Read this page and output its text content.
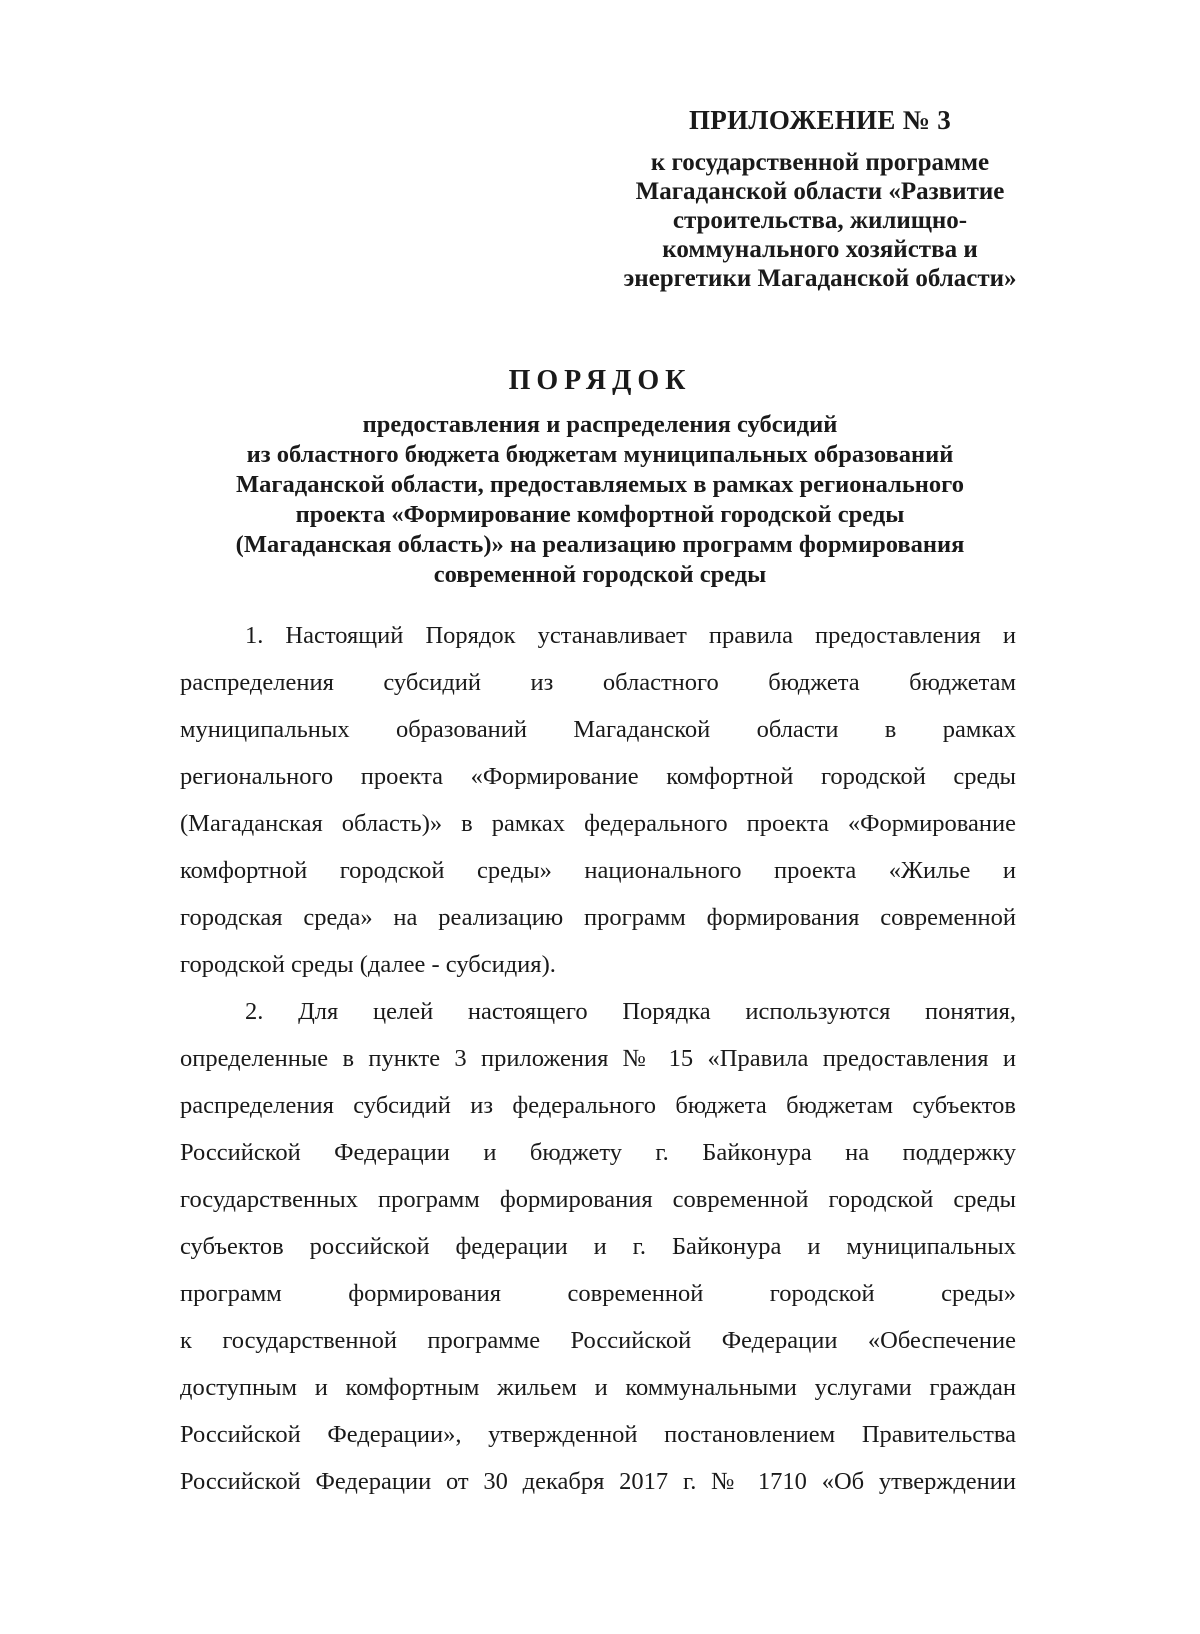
ПРИЛОЖЕНИЕ № 3
к государственной программе
Магаданской области «Развитие
строительства, жилищно-
коммунального хозяйства и
энергетики Магаданской области»
ПОРЯДОК
предоставления и распределения субсидий
из областного бюджета бюджетам муниципальных образований
Магаданской области, предоставляемых в рамках регионального
проекта «Формирование комфортной городской среды
(Магаданская область)» на реализацию программ формирования
современной городской среды
1. Настоящий Порядок устанавливает правила предоставления и
распределения субсидий из областного бюджета бюджетам
муниципальных образований Магаданской области в рамках
регионального проекта «Формирование комфортной городской среды
(Магаданская область)» в рамках федерального проекта «Формирование
комфортной городской среды» национального проекта «Жилье и
городская среда» на реализацию программ формирования современной
городской среды (далее - субсидия).
2. Для целей настоящего Порядка используются понятия,
определенные в пункте 3 приложения № 15 «Правила предоставления и
распределения субсидий из федерального бюджета бюджетам субъектов
Российской Федерации и бюджету г. Байконура на поддержку
государственных программ формирования современной городской среды
субъектов российской федерации и г. Байконура и муниципальных
программ формирования современной городской среды»
к государственной программе Российской Федерации «Обеспечение
доступным и комфортным жильем и коммунальными услугами граждан
Российской Федерации», утвержденной постановлением Правительства
Российской Федерации от 30 декабря 2017 г. № 1710 «Об утверждении
